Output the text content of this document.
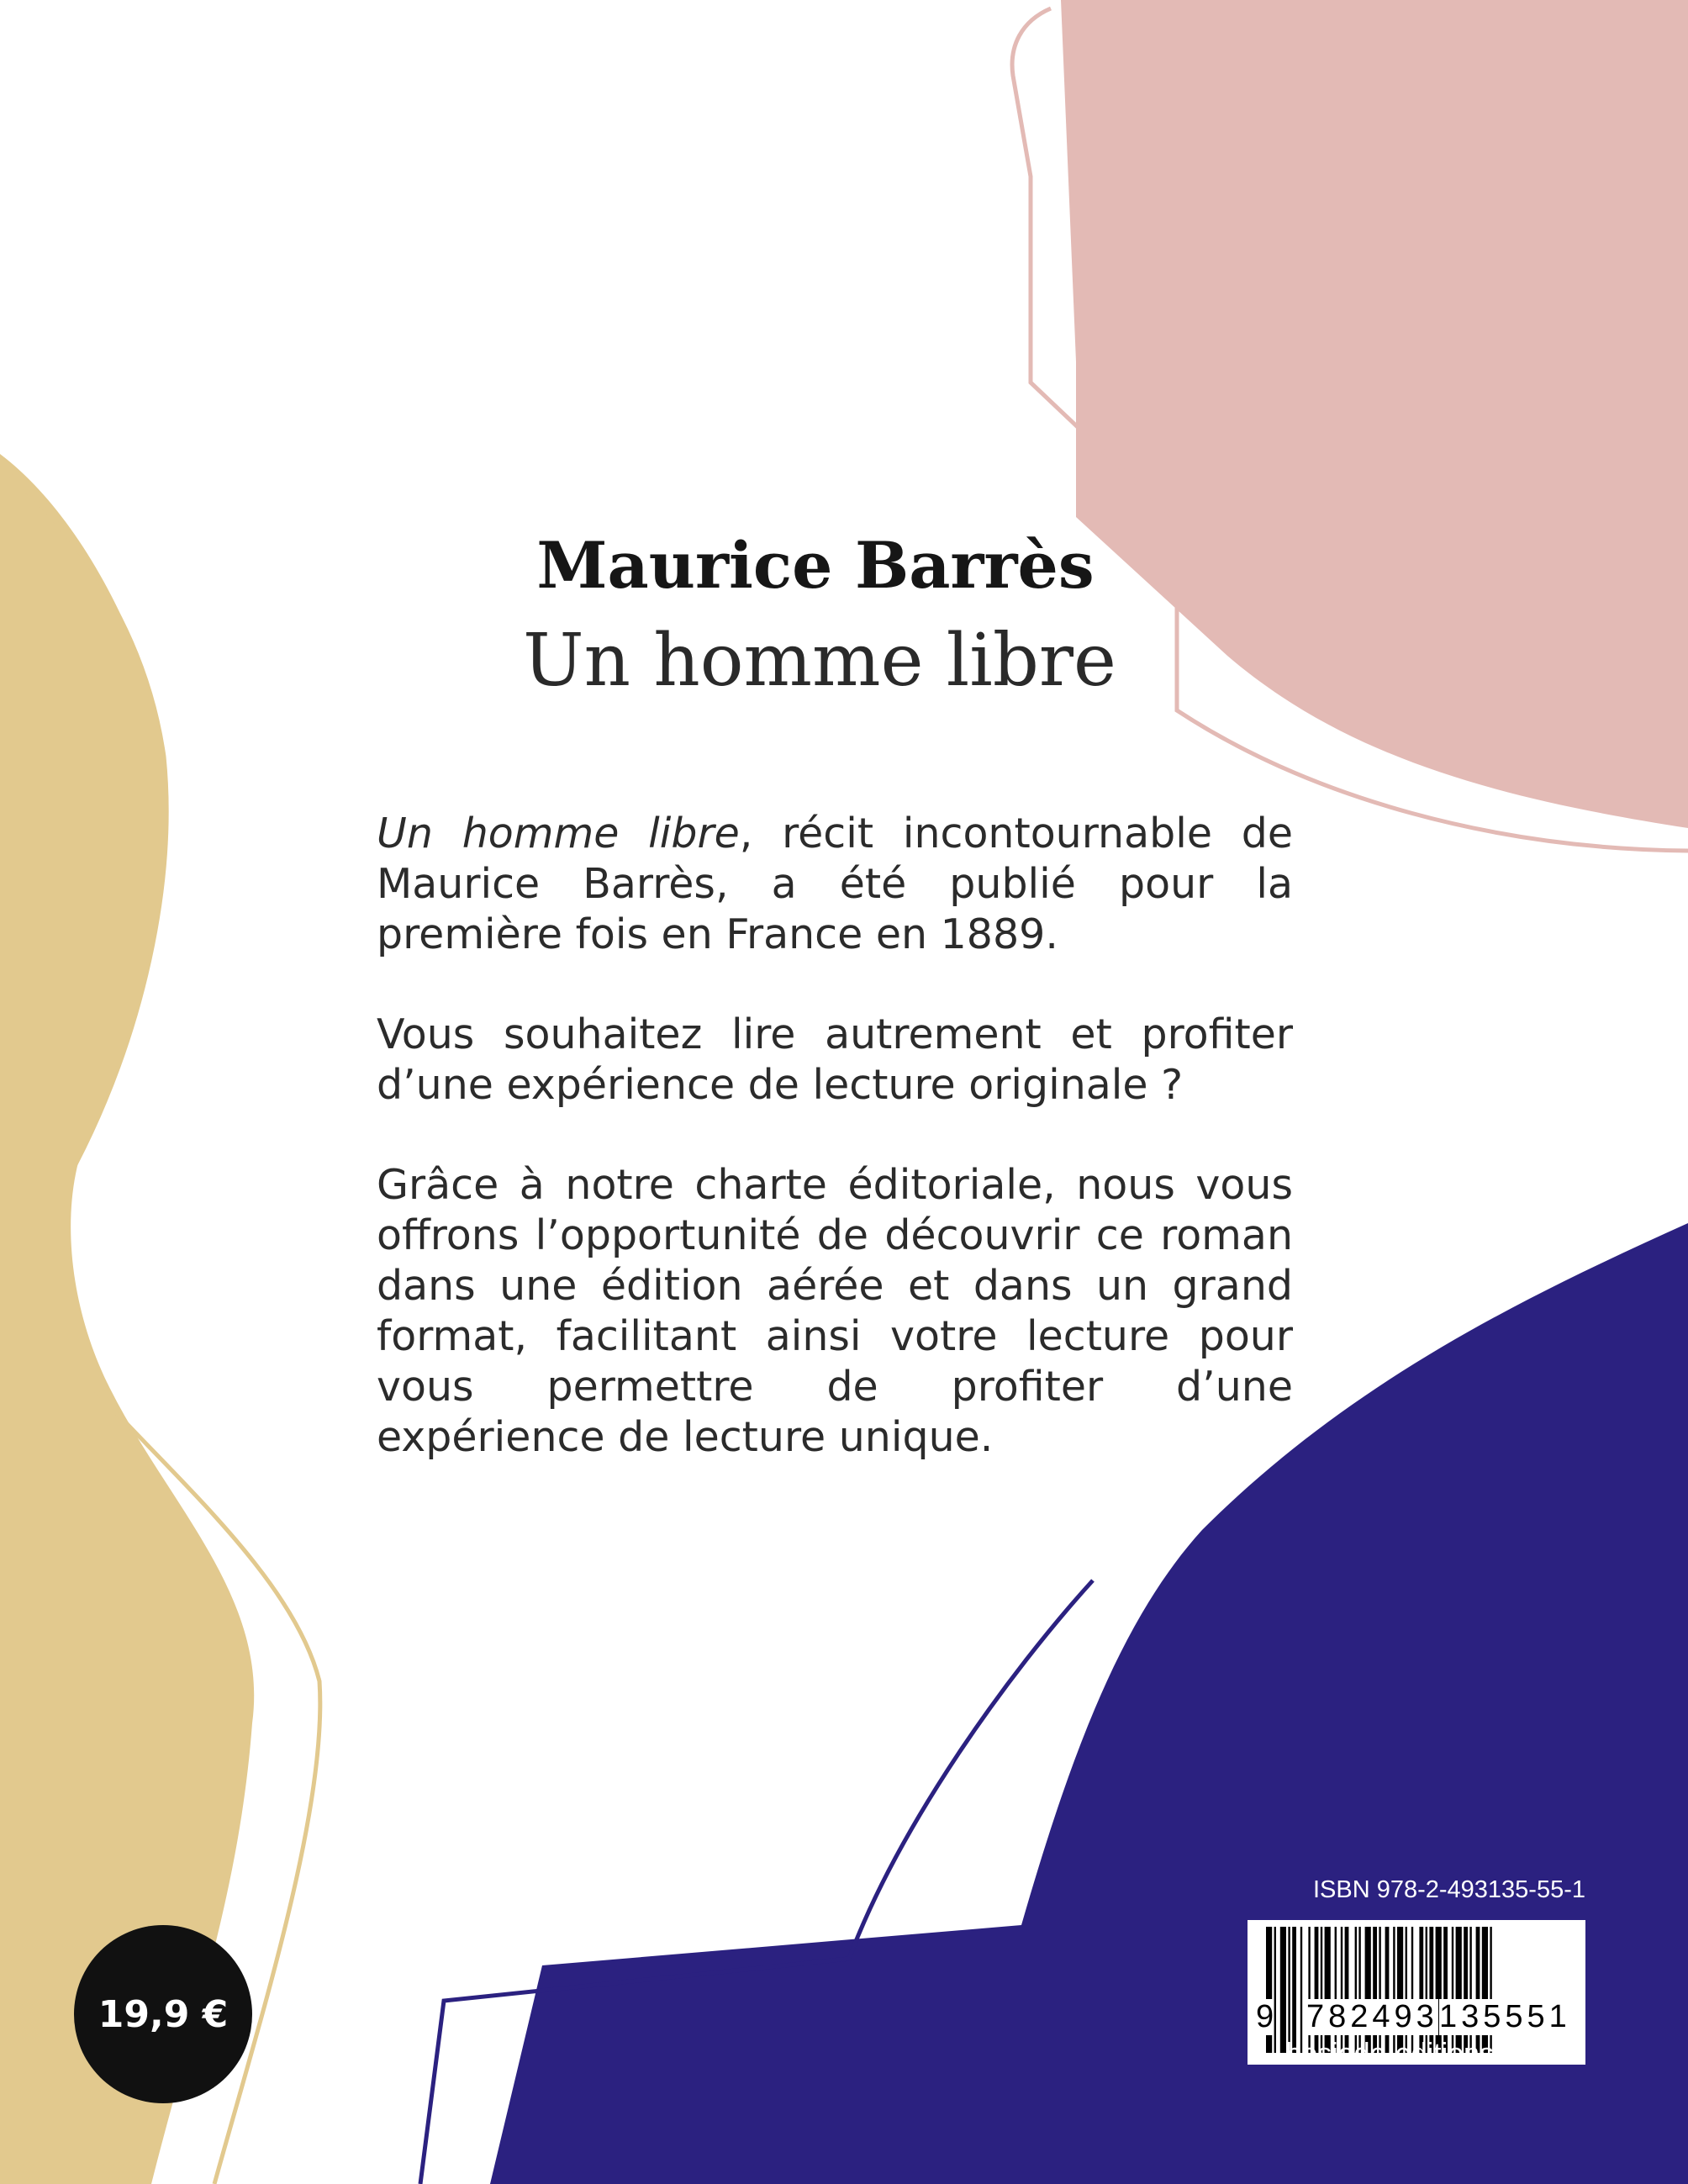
Maurice Barrès
Un homme libre

Un homme libre, récit incontournable de Maurice Barrès, a été publié pour la première fois en France en 1889.

Vous souhaitez lire autrement et profiter d’une expérience de lecture originale ?

Grâce à notre charte éditoriale, nous vous offrons l’opportunité de découvrir ce roman dans une édition aérée et dans un grand format, facilitant ainsi votre lecture pour vous permettre de profiter d’une expérience de lecture unique.

ISBN 978-2-493135-55-1
9 782493 135551
hesiode-editions.com
19,9 €
